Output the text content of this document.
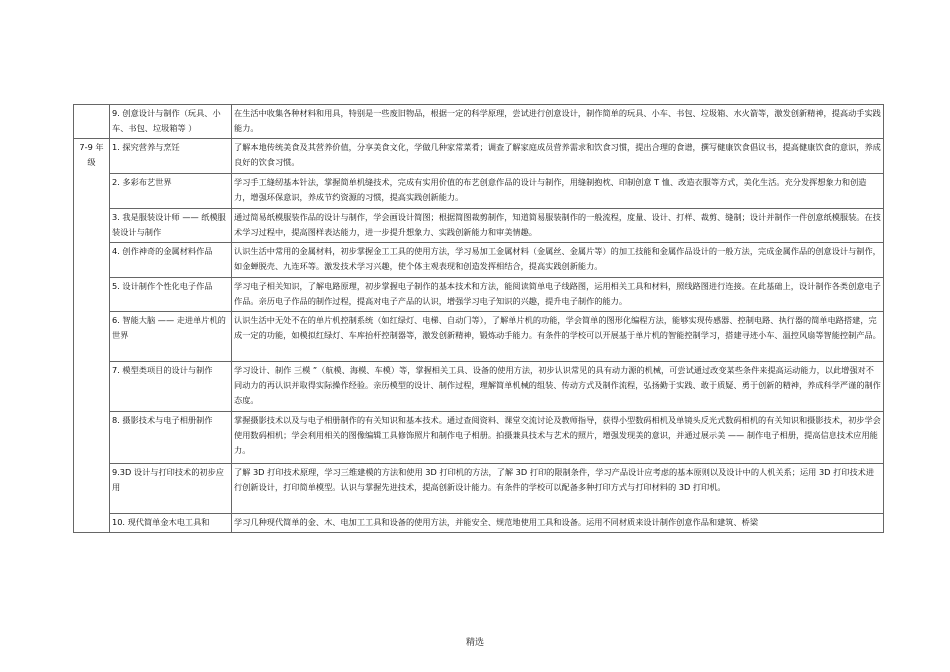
	9. 创意设计与制作（玩具、小车、书包、垃圾箱等 ）	在生活中收集各种材料和用具，特别是一些废旧物品，根据一定的科学原理，尝试进行创意设计，制作简单的玩具、小车、书包、垃圾箱、水火箭等，激发创新精神，提高动手实践能力。
7-9 年级	1. 探究营养与烹饪	了解本地传统美食及其营养价值，分享美食文化，学做几种家常菜肴；调查了解家庭成员营养需求和饮食习惯，提出合理的食谱，撰写健康饮食倡议书，提高健康饮食的意识，养成良好的饮食习惯。
	2. 多彩布艺世界	学习手工缝纫基本针法，掌握简单机缝技术，完成有实用价值的布艺创意作品的设计与制作，用缝制抱枕、印制创意 T 恤、改造衣服等方式，美化生活。充分发挥想象力和创造力，增强环保意识，养成节约资源的习惯，提高实践创新能力。
	3. 我是服装设计师 —— 纸模服装设计与制作	通过简易纸模服装作品的设计与制作，学会画设计简图；根据简图裁剪制作，知道简易服装制作的一般流程，度量、设计、打样、裁剪、缝制；设计并制作一件创意纸模服装。在技术学习过程中，提高图样表达能力，进一步提升想象力、实践创新能力和审美情趣。
	4. 创作神奇的金属材料作品	认识生活中常用的金属材料，初步掌握金工工具的使用方法，学习易加工金属材料（金属丝、金属片等）的加工技能和金属作品设计的一般方法，完成金属作品的创意设计与制作，如金蝉脱壳、九连环等。激发技术学习兴趣，使个体主观表现和创造发挥相结合，提高实践创新能力。
	5. 设计制作个性化电子作品	学习电子相关知识，了解电路原理，初步掌握电子制作的基本技术和方法，能阅读简单电子线路图，运用相关工具和材料，照线路图进行连接。在此基础上，设计制作各类创意电子作品。亲历电子作品的制作过程，提高对电子产品的认识，增强学习电子知识的兴趣，提升电子制作的能力。
	6. 智能大脑 —— 走进单片机的世界	认识生活中无处不在的单片机控制系统（如红绿灯、电梯、自动门等），了解单片机的功能，学会简单的图形化编程方法，能够实现传感器、控制电路、执行器的简单电路搭建，完成一定的功能，如模拟红绿灯、车库抬杆控制器等，激发创新精神，锻炼动手能力。有条件的学校可以开展基于单片机的智能控制学习，搭建寻迹小车、温控风扇等智能控制产品。
	7. 模型类项目的设计与制作	学习设计、制作 三模 ”（航模、海模、车模）等，掌握相关工具、设备的使用方法，初步认识常见的具有动力源的机械，可尝试通过改变某些条件来提高运动能力，以此增强对不同动力的再认识并取得实际操作经验。亲历模型的设计、制作过程，理解简单机械的组装、传动方式及制作流程，弘扬勤于实践、敢于质疑、勇于创新的精神，养成科学严谨的制作态度。
	8. 摄影技术与电子相册制作	掌握摄影技术以及与电子相册制作的有关知识和基本技术。通过查阅资料、课堂交流讨论及教师指导，获得小型数码相机及单镜头反光式数码相机的有关知识和摄影技术，初步学会使用数码相机；学会利用相关的图像编辑工具修饰照片和制作电子相册。拍摄兼具技术与艺术的照片，增强发现美的意识，并通过展示美 —— 制作电子相册，提高信息技术应用能力。
	9.3D 设计与打印技术的初步应用	了解 3D 打印技术原理，学习三维建模的方法和使用 3D 打印机的方法，了解 3D 打印的限制条件，学习产品设计应考虑的基本原则以及设计中的人机关系；运用 3D 打印技术进行创新设计，打印简单模型。认识与掌握先进技术，提高创新设计能力。有条件的学校可以配备多种打印方式与打印材料的 3D 打印机。
	10. 现代简单金木电工具和	学习几种现代简单的金、木、电加工工具和设备的使用方法，并能安全、规范地使用工具和设备。运用不同材质来设计制作创意作品和建筑、桥梁
精选
